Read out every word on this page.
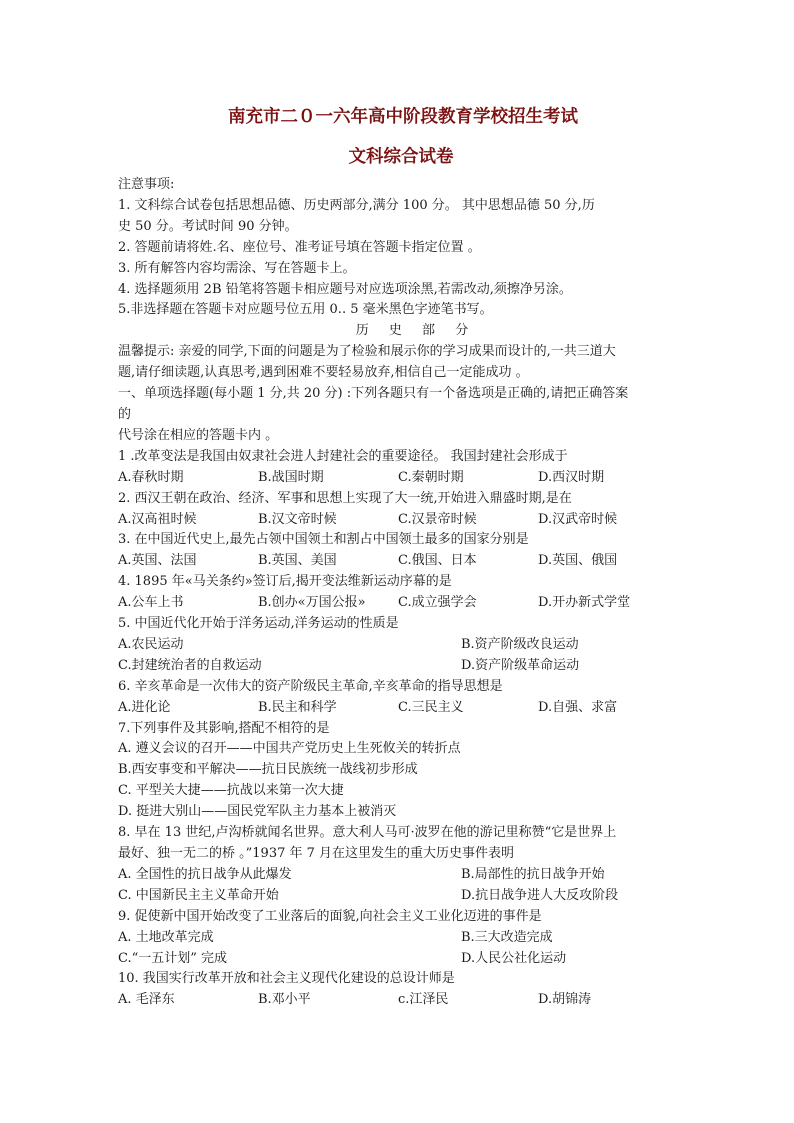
南充市二０一六年高中阶段教育学校招生考试
文科综合试卷
注意事项:
1. 文科综合试卷包括思想品德、历史两部分,满分 100 分。 其中思想品德 50 分,历
史 50 分。考试时间 90 分钟。
2. 答题前请将姓.名、座位号、准考证号填在答题卡指定位置 。
3. 所有解答内容均需涂、写在答题卡上。
4. 选择题须用 2B 铅笔将答题卡相应题号对应选项涂黑,若需改动,须擦净另涂。
5.非选择题在答题卡对应题号位五用 0.. 5 毫米黑色字迹笔书写。
历 史 部 分
温馨提示: 亲爱的同学,下面的问题是为了检验和展示你的学习成果而设计的,一共三道大
题,请仔细读题,认真思考,遇到困难不要轻易放弃,相信自己一定能成功 。
一、单项选择题(每小题 1 分,共 20 分) :下列各题只有一个备选项是正确的,请把正确答案
的
代号涂在相应的答题卡内 。
1 .改革变法是我国由奴隶社会进人封建社会的重要途径。 我国封建社会形成于
A.春秋时期	B.战国时期	C.秦朝时期	D.西汉时期
2. 西汉王朝在政治、经济、军事和思想上实现了大一统,开始进入鼎盛时期,是在
A.汉高祖时候	B.汉文帝时候	C.汉景帝时候	D.汉武帝时候
3. 在中国近代史上,最先占领中国领土和割占中国领土最多的国家分别是
A.英国、法国	B.英国、美国	C.俄国、日本	D.英国、俄国
4. 1895 年«马关条约»签订后,揭开变法维新运动序幕的是
A.公车上书	B.创办«万国公报»	C.成立强学会	D.开办新式学堂
5. 中国近代化开始于洋务运动,洋务运动的性质是
A.农民运动	B.资产阶级改良运动
C.封建统治者的自救运动	D.资产阶级革命运动
6. 辛亥革命是一次伟大的资产阶级民主革命,辛亥革命的指导思想是
A.进化论	B.民主和科学	C.三民主义	D.自强、求富
7.下列事件及其影响,搭配不相符的是
A. 遵义会议的召开——中国共产党历史上生死攸关的转折点
B.西安事变和平解决——抗日民族统一战线初步形成
C. 平型关大捷——抗战以来第一次大捷
D. 挺进大别山——国民党军队主力基本上被消灭
8. 早在 13 世纪,卢沟桥就闻名世界。意大利人马可·波罗在他的游记里称赞“它是世界上
最好、独一无二的桥 。”1937 年 7 月在这里发生的重大历史事件表明
A. 全国性的抗日战争从此爆发	B.局部性的抗日战争开始
C. 中国新民主主义革命开始	D.抗日战争进人大反攻阶段
9. 促使新中国开始改变了工业落后的面貌,向社会主义工业化迈进的事件是
A. 土地改革完成	B.三大改造完成
C.“一五计划” 完成	D.人民公社化运动
10. 我国实行改革开放和社会主义现代化建设的总设计师是
A. 毛泽东	B.邓小平	c.江泽民	D.胡锦涛
